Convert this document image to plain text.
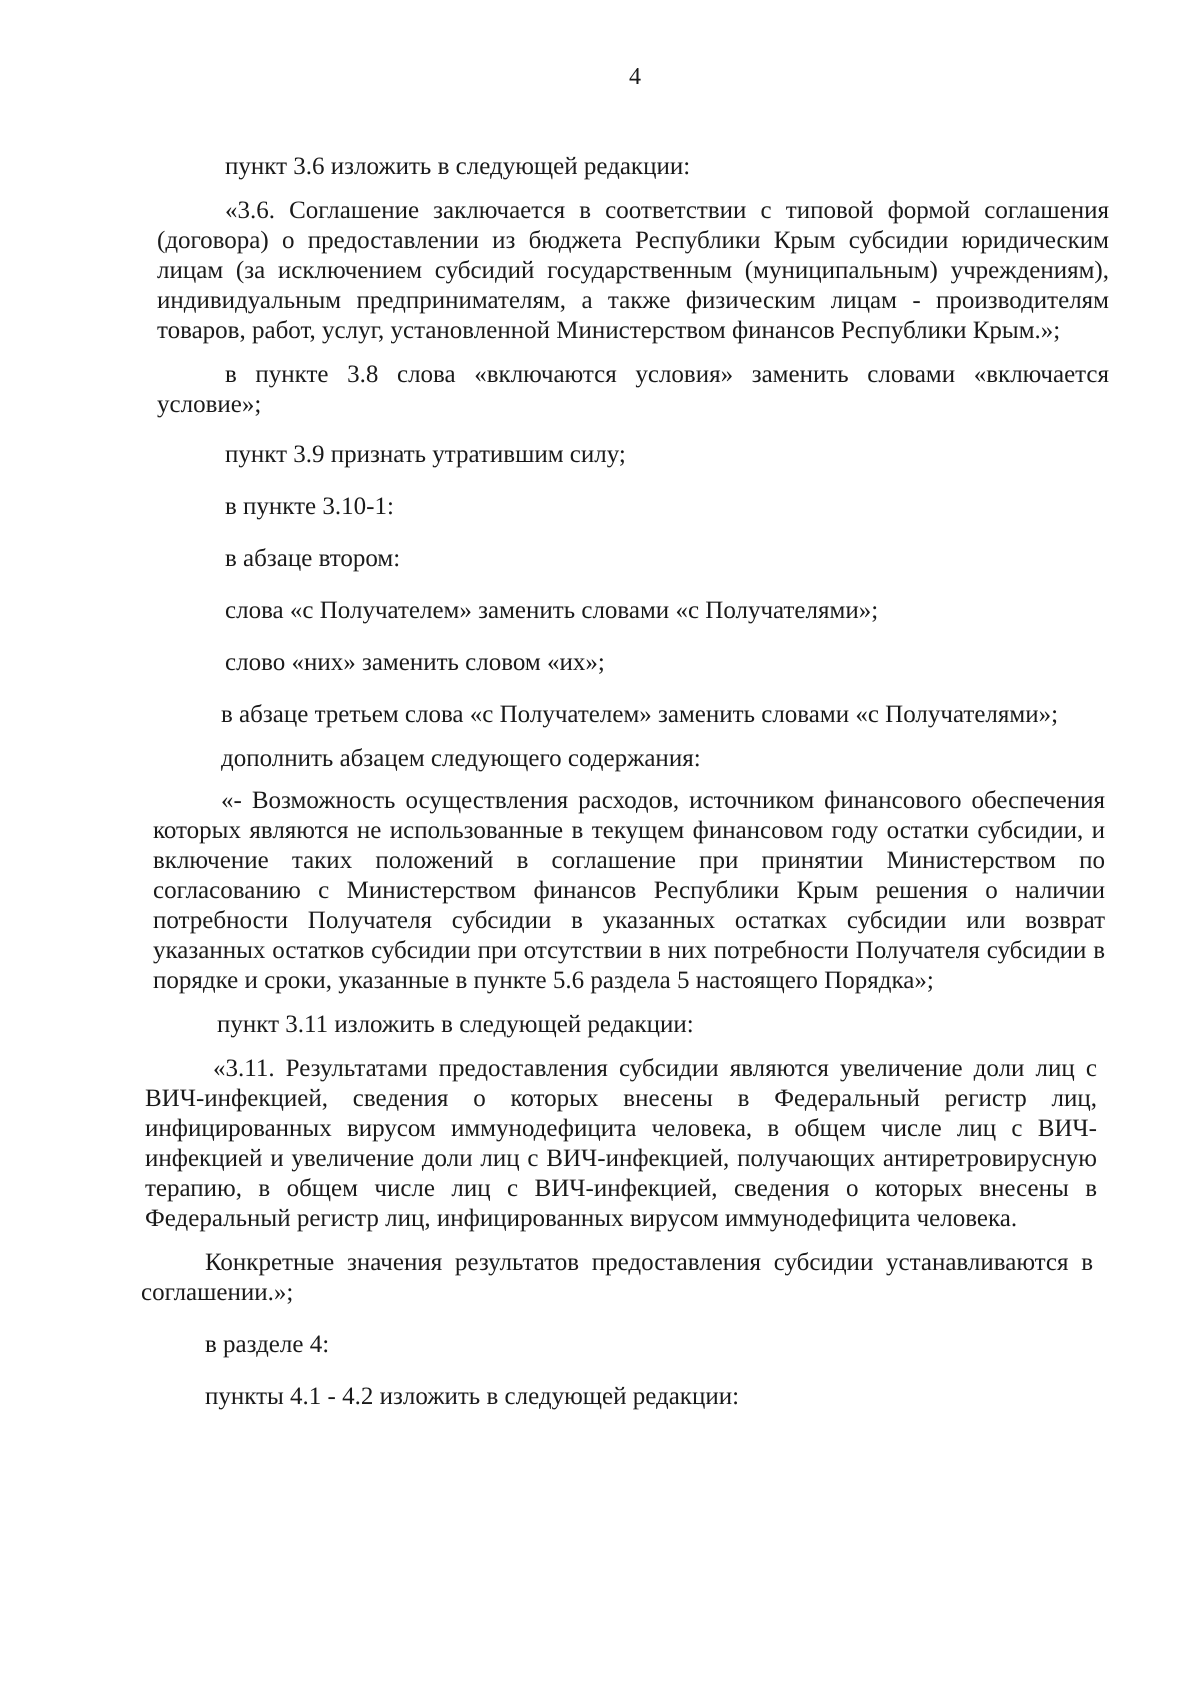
4

пункт 3.6 изложить в следующей редакции:

«3.6. Соглашение заключается в соответствии с типовой формой соглашения (договора) о предоставлении из бюджета Республики Крым субсидии юридическим лицам (за исключением субсидий государственным (муниципальным) учреждениям), индивидуальным предпринимателям, а также физическим лицам - производителям товаров, работ, услуг, установленной Министерством финансов Республики Крым.»;

в пункте 3.8 слова «включаются условия» заменить словами «включается условие»;

пункт 3.9 признать утратившим силу;

в пункте 3.10-1:

в абзаце втором:

слова «с Получателем» заменить словами «с Получателями»;

слово «них» заменить словом «их»;

в абзаце третьем слова «с Получателем» заменить словами «с Получателями»;

дополнить абзацем следующего содержания:

«- Возможность осуществления расходов, источником финансового обеспечения которых являются не использованные в текущем финансовом году остатки субсидии, и включение таких положений в соглашение при принятии Министерством по согласованию с Министерством финансов Республики Крым решения о наличии потребности Получателя субсидии в указанных остатках субсидии или возврат указанных остатков субсидии при отсутствии в них потребности Получателя субсидии в порядке и сроки, указанные в пункте 5.6 раздела 5 настоящего Порядка»;

пункт 3.11 изложить в следующей редакции:

«3.11. Результатами предоставления субсидии являются увеличение доли лиц с ВИЧ-инфекцией, сведения о которых внесены в Федеральный регистр лиц, инфицированных вирусом иммунодефицита человека, в общем числе лиц с ВИЧ-инфекцией и увеличение доли лиц с ВИЧ-инфекцией, получающих антиретровирусную терапию, в общем числе лиц с ВИЧ-инфекцией, сведения о которых внесены в Федеральный регистр лиц, инфицированных вирусом иммунодефицита человека.

Конкретные значения результатов предоставления субсидии устанавливаются в соглашении.»;

в разделе 4:

пункты 4.1 - 4.2 изложить в следующей редакции:
